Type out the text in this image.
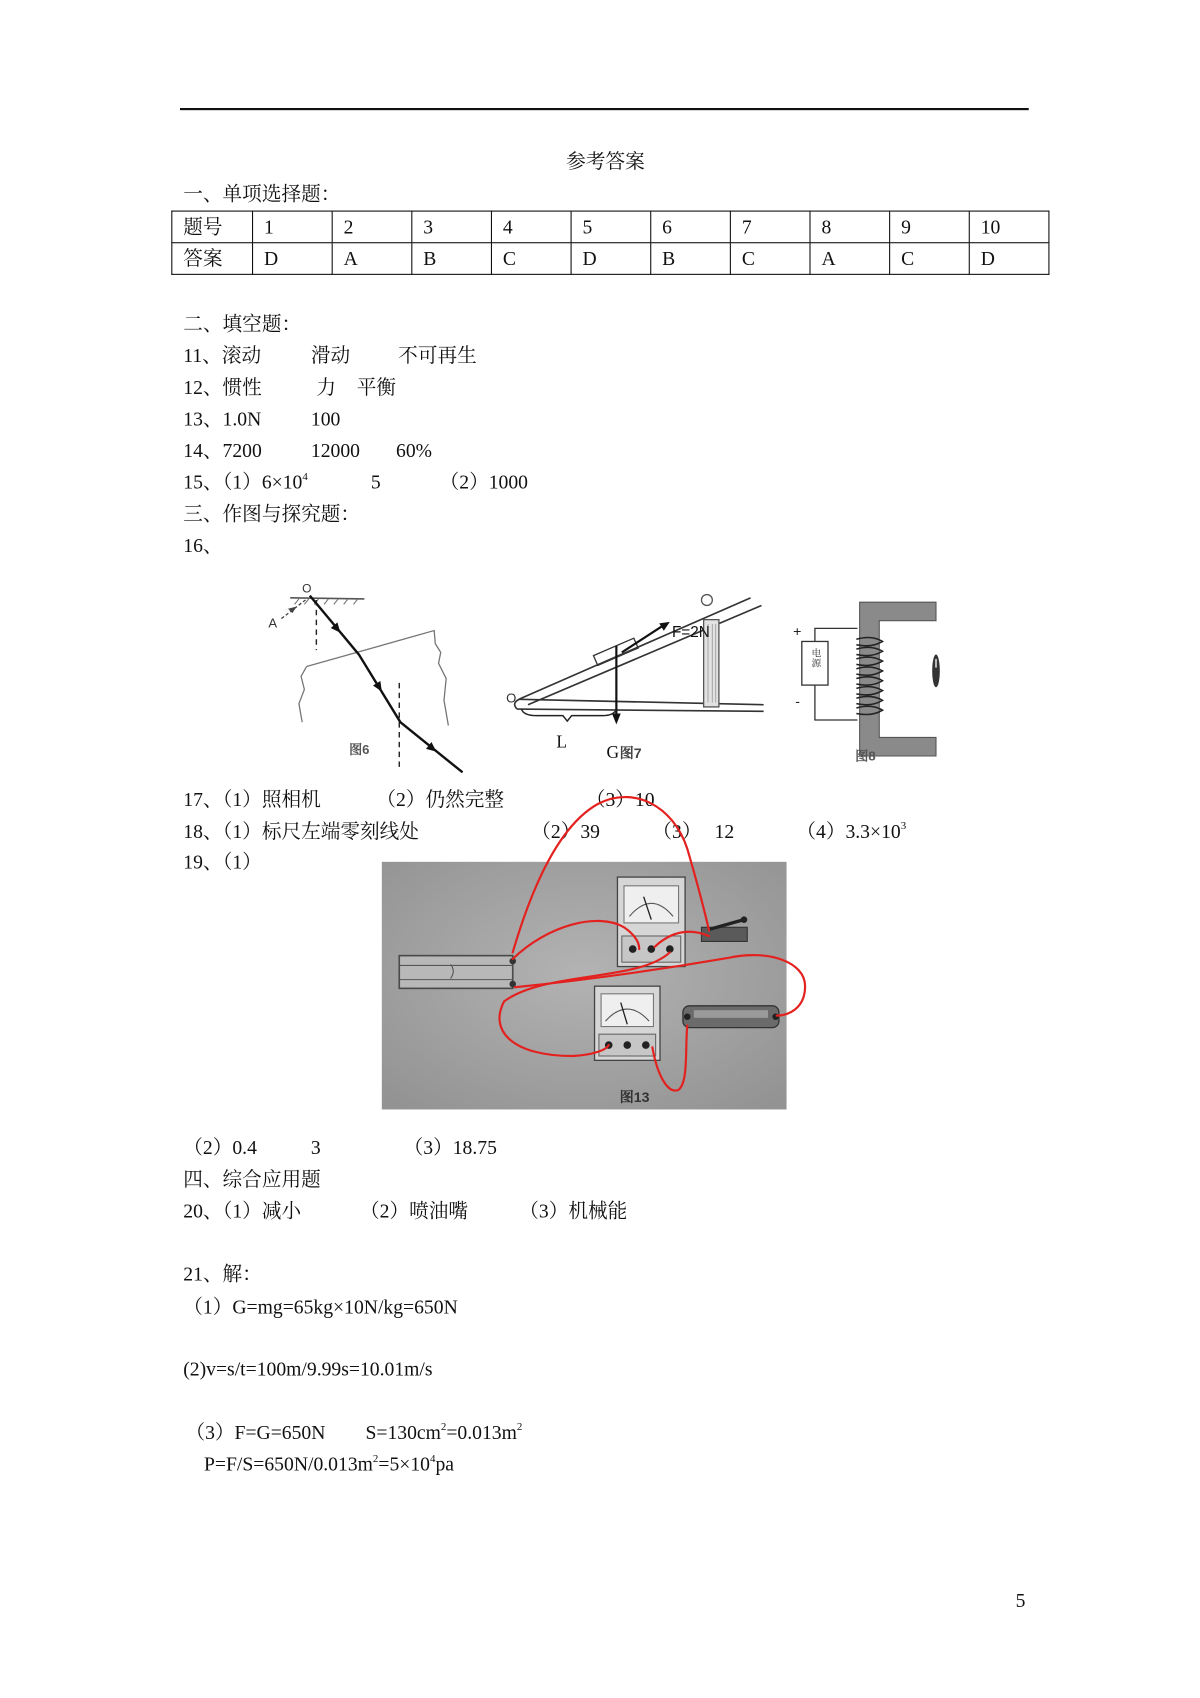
参考答案
一、单项选择题：
题号	1	2	3	4	5	6	7	8	9	10
答案	D	A	B	C	D	B	C	A	C	D
二、填空题：
11、滚动	滑动	不可再生
12、惯性	力 平衡
13、1.0N	100
14、7200	12000 60%
15、$(1)6\times 10^4$	5	（2）1000
三、作图与探究题：
16、
O
A
图6
O
F=2N
L
G 图7
电源
+
-
图8
17、（1）照相机	（2）仍然完整	（3）10
18、（1）标尺左端零刻线处	（2）39	（3） 12	$(4)3.3\times 10^3$
19、（1）
图13
（2）0.4	3	（3）18.75
四、综合应用题
20、（1）减小	（2）喷油嘴	（3）机械能
21、解：
（1）G=mg=65kg×10N/kg=650N
(2)v=s/t=100m/9.99s=10.01m/s
（3）F=G=650N $S=130cm^2=0.013m^2$
$P=F/S=650N/0.013m^2=5\times 10^4pa$
5
